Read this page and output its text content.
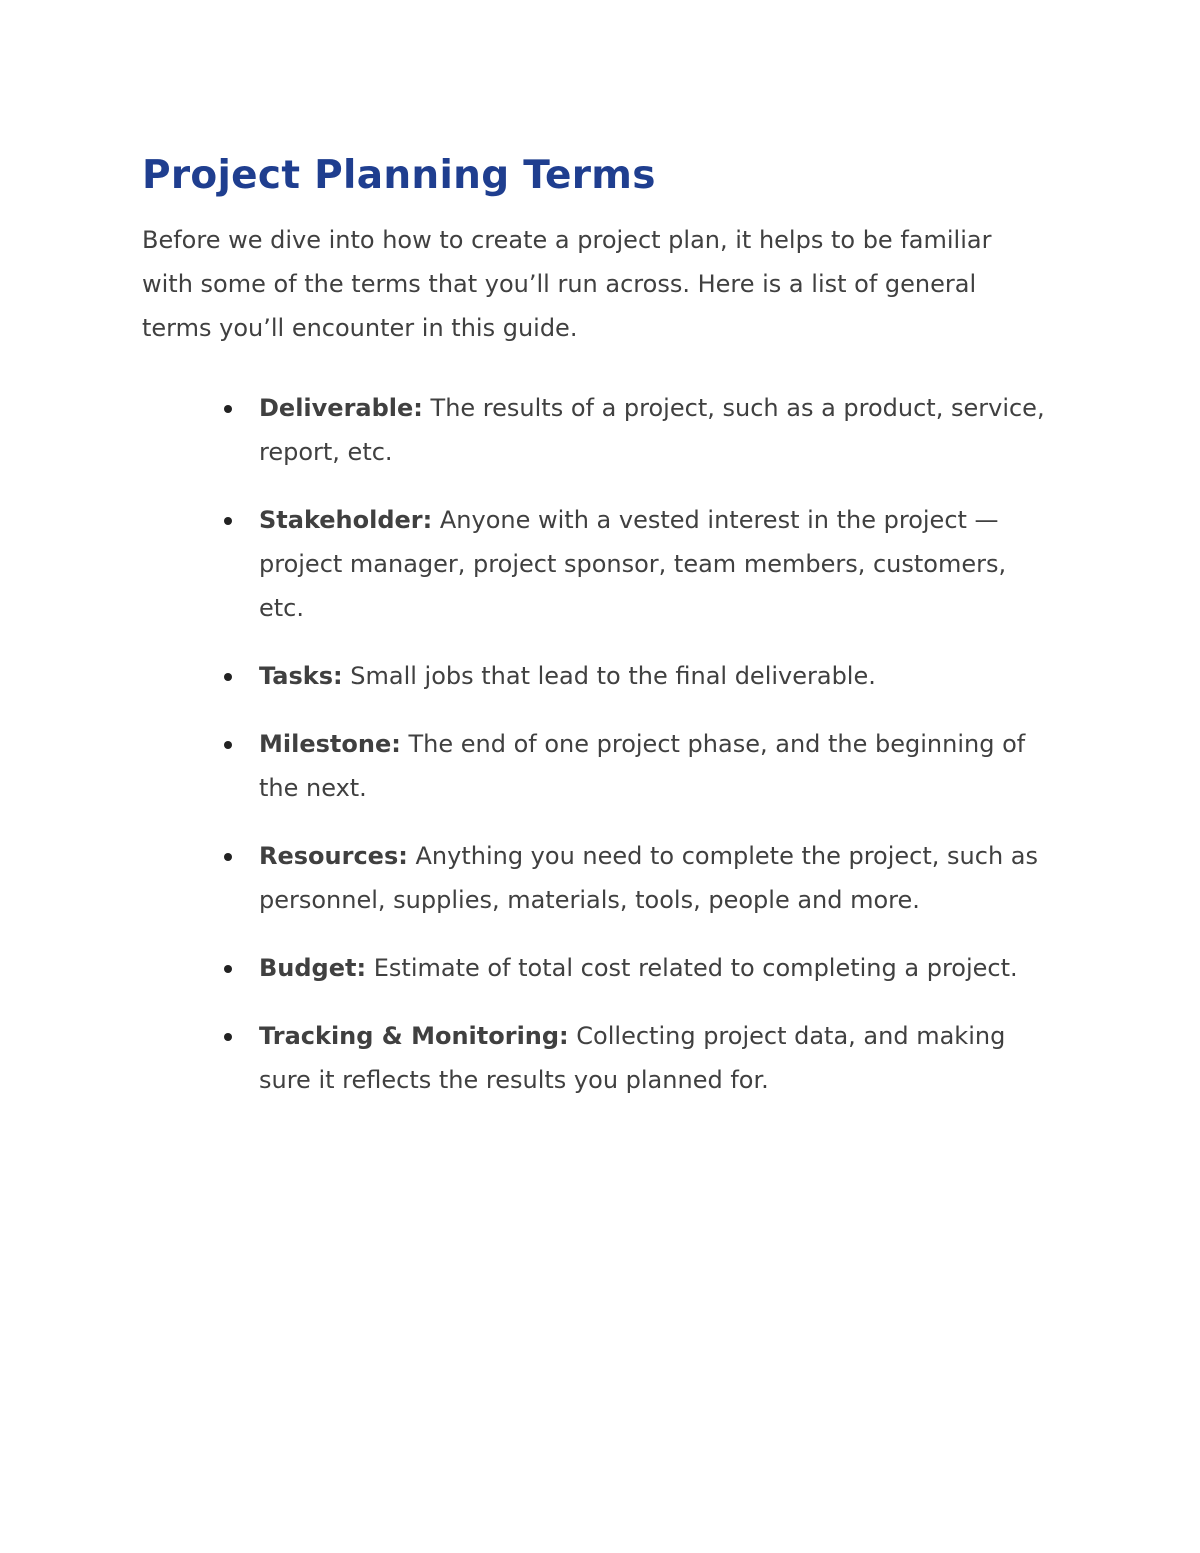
Project Planning Terms

Before we dive into how to create a project plan, it helps to be familiar with some of the terms that you’ll run across. Here is a list of general terms you’ll encounter in this guide.

Deliverable: The results of a project, such as a product, service, report, etc.
Stakeholder: Anyone with a vested interest in the project —project manager, project sponsor, team members, customers, etc.
Tasks: Small jobs that lead to the final deliverable.
Milestone: The end of one project phase, and the beginning of the next.
Resources: Anything you need to complete the project, such as personnel, supplies, materials, tools, people and more.
Budget: Estimate of total cost related to completing a project.
Tracking & Monitoring: Collecting project data, and making sure it reflects the results you planned for.
